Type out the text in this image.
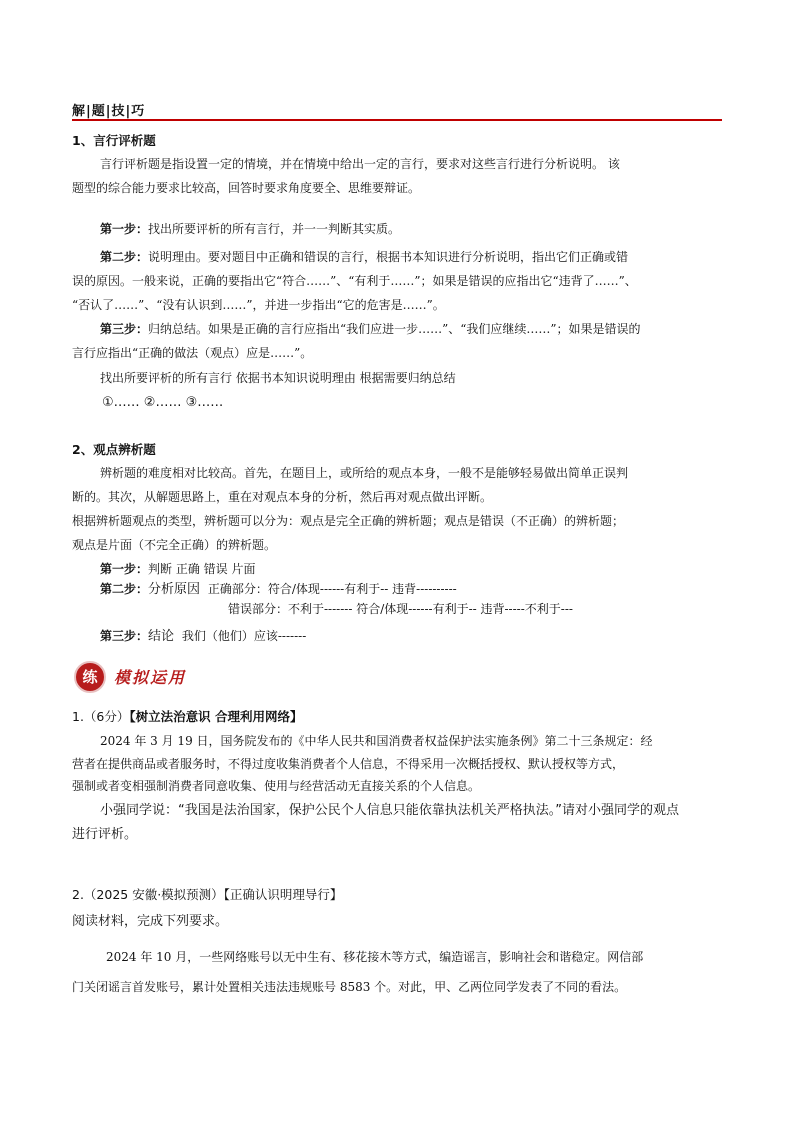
解|题|技|巧
1、言行评析题
言行评析题是指设置一定的情境，并在情境中给出一定的言行，要求对这些言行进行分析说明。 该
题型的综合能力要求比较高，回答时要求角度要全、思维要辩证。
第一步：找出所要评析的所有言行，并一一判断其实质。
第二步：说明理由。要对题目中正确和错误的言行，根据书本知识进行分析说明，指出它们正确或错
误的原因。一般来说，正确的要指出它“符合……”、“有利于……”；如果是错误的应指出它“违背了……”、
“否认了……”、“没有认识到……”，并进一步指出“它的危害是……”。
第三步：归纳总结。如果是正确的言行应指出“我们应进一步……”、“我们应继续……”；如果是错误的
言行应指出“正确的做法（观点）应是……”。
找出所要评析的所有言行 依据书本知识说明理由 根据需要归纳总结
①…… ②…… ③……
2、观点辨析题
辨析题的难度相对比较高。首先，在题目上，或所给的观点本身，一般不是能够轻易做出简单正误判
断的。其次，从解题思路上，重在对观点本身的分析，然后再对观点做出评断。
根据辨析题观点的类型，辨析题可以分为：观点是完全正确的辨析题；观点是错误（不正确）的辨析题；
观点是片面（不完全正确）的辨析题。
第一步：判断 正确 错误 片面
第二步：分析原因 正确部分：符合/体现------有利于-- 违背----------
错误部分：不利于------- 符合/体现------有利于-- 违背-----不利于---
第三步：结论 我们（他们）应该-------
练	模拟运用
1.（6分）【树立法治意识 合理利用网络】
2024 年 3 月 19 日，国务院发布的《中华人民共和国消费者权益保护法实施条例》第二十三条规定：经
营者在提供商品或者服务时，不得过度收集消费者个人信息，不得采用一次概括授权、默认授权等方式，
强制或者变相强制消费者同意收集、使用与经营活动无直接关系的个人信息。
小强同学说：“我国是法治国家，保护公民个人信息只能依靠执法机关严格执法。”请对小强同学的观点
进行评析。
2.（2025 安徽·模拟预测）【正确认识明理导行】
阅读材料，完成下列要求。
2024 年 10 月，一些网络账号以无中生有、移花接木等方式，编造谣言，影响社会和谐稳定。网信部
门关闭谣言首发账号，累计处置相关违法违规账号 8583 个。对此，甲、乙两位同学发表了不同的看法。
